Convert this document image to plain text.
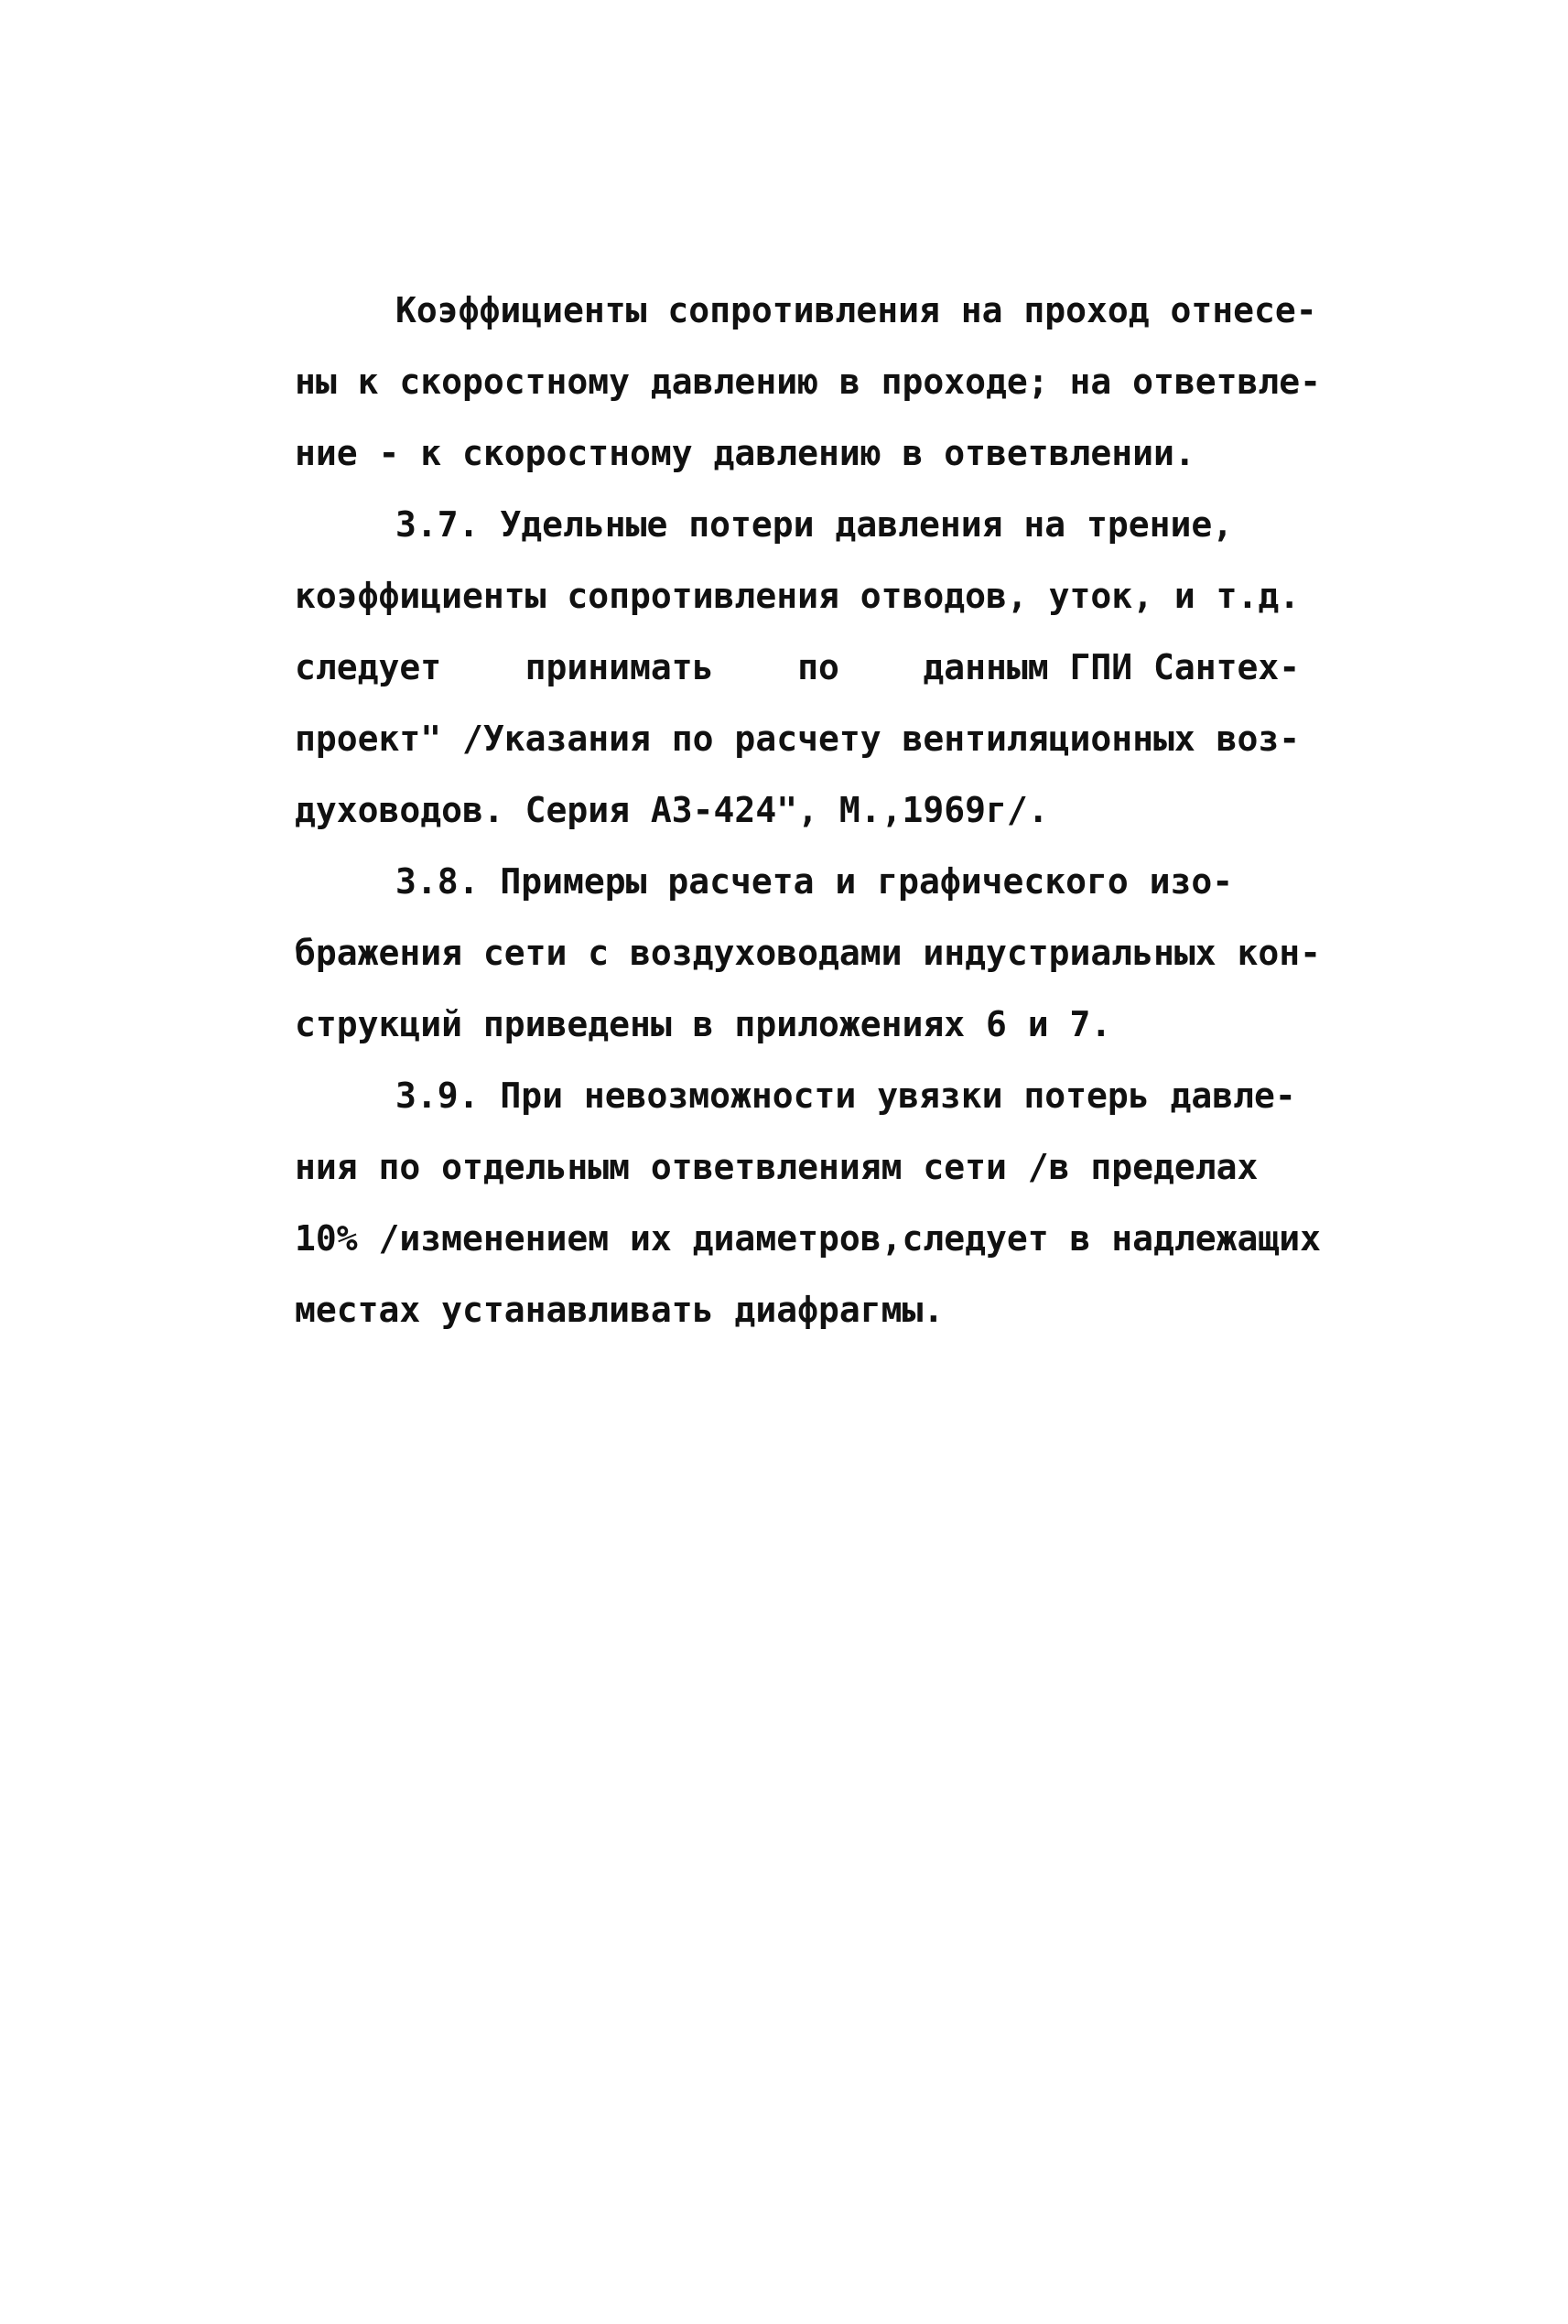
Коэффициенты сопротивления на проход отнесе-
ны к скоростному давлению в проходе; на ответвле-
ние - к скоростному давлению в ответвлении.
3.7. Удельные потери давления на трение,
коэффициенты сопротивления отводов, уток, и т.д.
следует    принимать    по    данным ГПИ Сантех-
проект" /Указания по расчету вентиляционных воз-
духоводов. Серия А3-424", М.,1969г/.
3.8. Примеры расчета и графического изо-
бражения сети с воздуховодами индустриальных кон-
струкций приведены в приложениях 6 и 7.
3.9. При невозможности увязки потерь давле-
ния по отдельным ответвлениям сети /в пределах
10% /изменением их диаметров,следует в надлежащих
местах устанавливать диафрагмы.
